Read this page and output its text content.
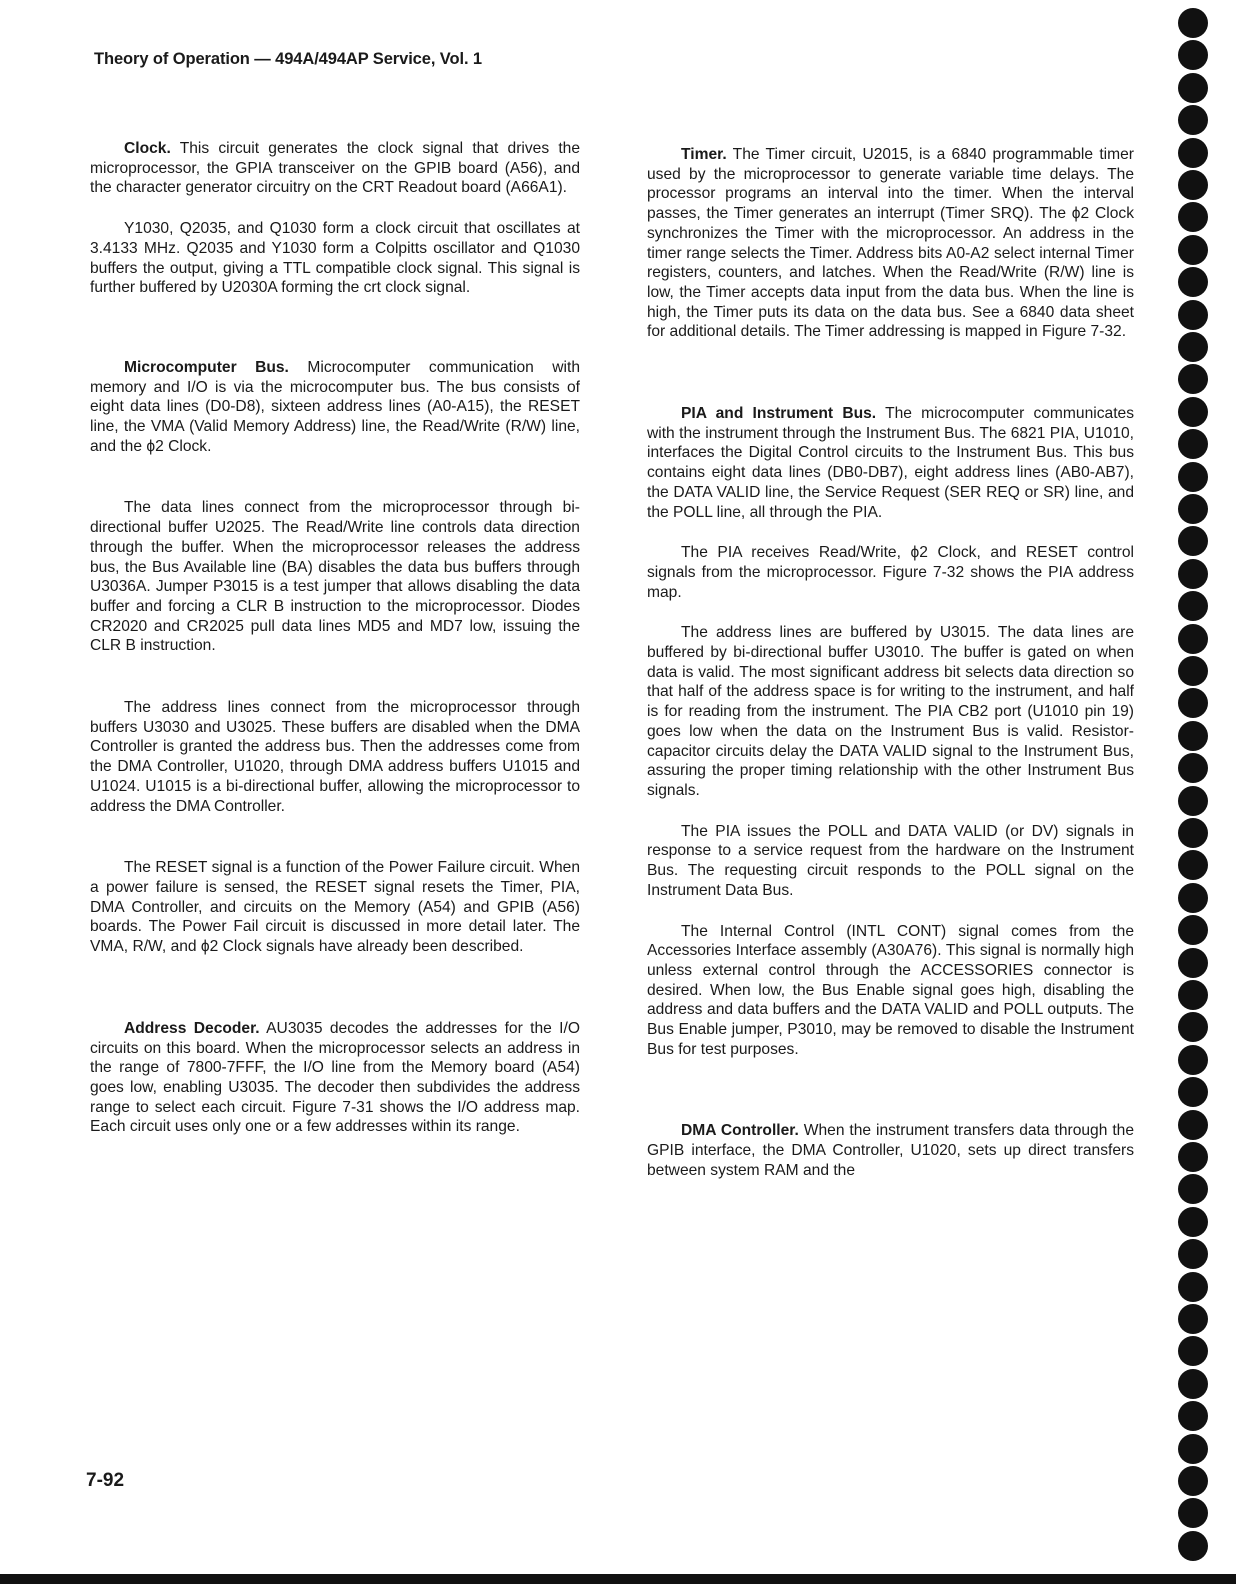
Theory of Operation — 494A/494AP Service, Vol. 1

Clock. This circuit generates the clock signal that drives the microprocessor, the GPIA transceiver on the GPIB board (A56), and the character generator circuitry on the CRT Readout board (A66A1).

Y1030, Q2035, and Q1030 form a clock circuit that oscillates at 3.4133 MHz. Q2035 and Y1030 form a Colpitts oscillator and Q1030 buffers the output, giving a TTL compatible clock signal. This signal is further buffered by U2030A forming the crt clock signal.

Microcomputer Bus. Microcomputer communication with memory and I/O is via the microcomputer bus. The bus consists of eight data lines (D0-D8), sixteen address lines (A0-A15), the RESET line, the VMA (Valid Memory Address) line, the Read/Write (R/W) line, and the ϕ2 Clock.

The data lines connect from the microprocessor through bi-directional buffer U2025. The Read/Write line controls data direction through the buffer. When the microprocessor releases the address bus, the Bus Available line (BA) disables the data bus buffers through U3036A. Jumper P3015 is a test jumper that allows disabling the data buffer and forcing a CLR B instruction to the microprocessor. Diodes CR2020 and CR2025 pull data lines MD5 and MD7 low, issuing the CLR B instruction.

The address lines connect from the microprocessor through buffers U3030 and U3025. These buffers are disabled when the DMA Controller is granted the address bus. Then the addresses come from the DMA Controller, U1020, through DMA address buffers U1015 and U1024. U1015 is a bi-directional buffer, allowing the microprocessor to address the DMA Controller.

The RESET signal is a function of the Power Failure circuit. When a power failure is sensed, the RESET signal resets the Timer, PIA, DMA Controller, and circuits on the Memory (A54) and GPIB (A56) boards. The Power Fail circuit is discussed in more detail later. The VMA, R/W, and ϕ2 Clock signals have already been described.

Address Decoder. AU3035 decodes the addresses for the I/O circuits on this board. When the microprocessor selects an address in the range of 7800-7FFF, the I/O line from the Memory board (A54) goes low, enabling U3035. The decoder then subdivides the address range to select each circuit. Figure 7-31 shows the I/O address map. Each circuit uses only one or a few addresses within its range.

Timer. The Timer circuit, U2015, is a 6840 programmable timer used by the microprocessor to generate variable time delays. The processor programs an interval into the timer. When the interval passes, the Timer generates an interrupt (Timer SRQ). The ϕ2 Clock synchronizes the Timer with the microprocessor. An address in the timer range selects the Timer. Address bits A0-A2 select internal Timer registers, counters, and latches. When the Read/Write (R/W) line is low, the Timer accepts data input from the data bus. When the line is high, the Timer puts its data on the data bus. See a 6840 data sheet for additional details. The Timer addressing is mapped in Figure 7-32.

PIA and Instrument Bus. The microcomputer communicates with the instrument through the Instrument Bus. The 6821 PIA, U1010, interfaces the Digital Control circuits to the Instrument Bus. This bus contains eight data lines (DB0-DB7), eight address lines (AB0-AB7), the DATA VALID line, the Service Request (SER REQ or SR) line, and the POLL line, all through the PIA.

The PIA receives Read/Write, ϕ2 Clock, and RESET control signals from the microprocessor. Figure 7-32 shows the PIA address map.

The address lines are buffered by U3015. The data lines are buffered by bi-directional buffer U3010. The buffer is gated on when data is valid. The most significant address bit selects data direction so that half of the address space is for writing to the instrument, and half is for reading from the instrument. The PIA CB2 port (U1010 pin 19) goes low when the data on the Instrument Bus is valid. Resistor-capacitor circuits delay the DATA VALID signal to the Instrument Bus, assuring the proper timing relationship with the other Instrument Bus signals.

The PIA issues the POLL and DATA VALID (or DV) signals in response to a service request from the hardware on the Instrument Bus. The requesting circuit responds to the POLL signal on the Instrument Data Bus.

The Internal Control (INTL CONT) signal comes from the Accessories Interface assembly (A30A76). This signal is normally high unless external control through the ACCESSORIES connector is desired. When low, the Bus Enable signal goes high, disabling the address and data buffers and the DATA VALID and POLL outputs. The Bus Enable jumper, P3010, may be removed to disable the Instrument Bus for test purposes.

DMA Controller. When the instrument transfers data through the GPIB interface, the DMA Controller, U1020, sets up direct transfers between system RAM and the

7-92
